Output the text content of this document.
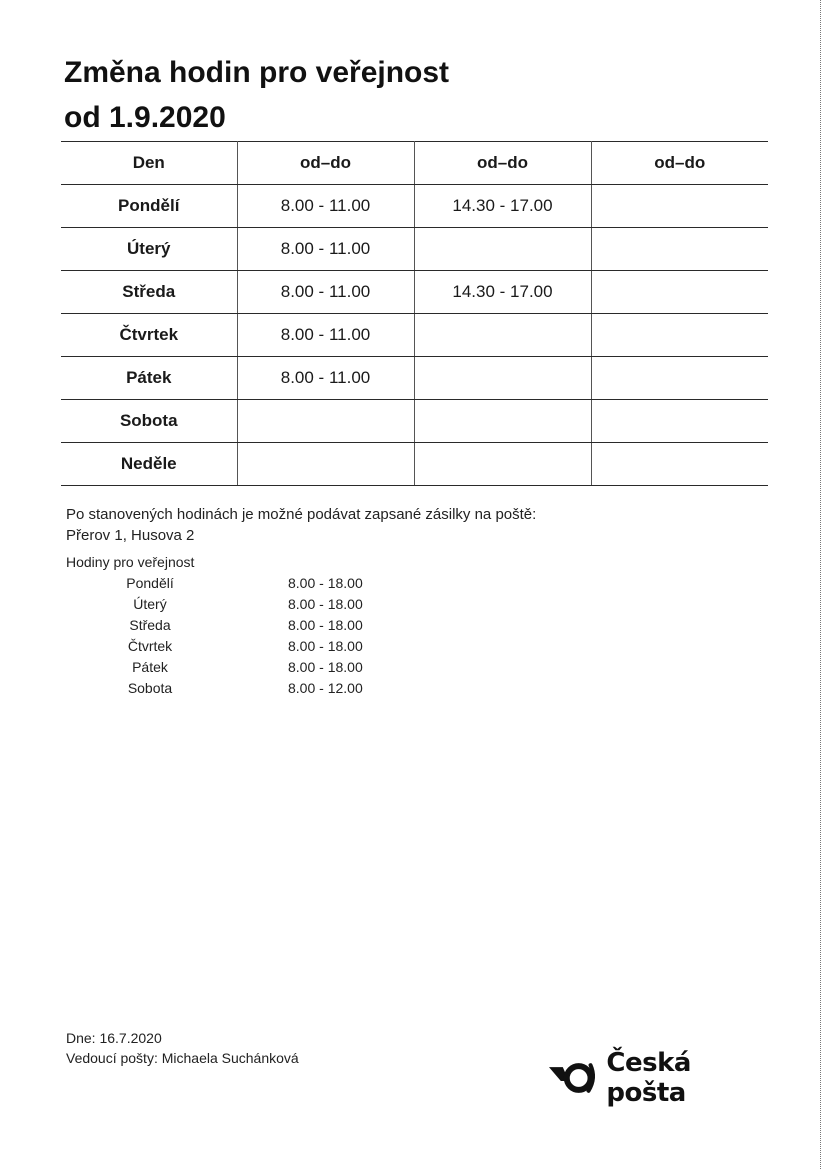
Změna hodin pro veřejnost
od 1.9.2020
Den	od–do	od–do	od–do
Pondělí	8.00 - 11.00	14.30 - 17.00	
Úterý	8.00 - 11.00		
Středa	8.00 - 11.00	14.30 - 17.00	
Čtvrtek	8.00 - 11.00		
Pátek	8.00 - 11.00		
Sobota			
Neděle			
Po stanovených hodinách je možné podávat zapsané zásilky na poště:
Přerov 1, Husova 2
Hodiny pro veřejnost
Pondělí	8.00 - 18.00
Úterý	8.00 - 18.00
Středa	8.00 - 18.00
Čtvrtek	8.00 - 18.00
Pátek	8.00 - 18.00
Sobota	8.00 - 12.00
Dne: 16.7.2020
Vedoucí pošty: Michaela Suchánková	Česká pošta
